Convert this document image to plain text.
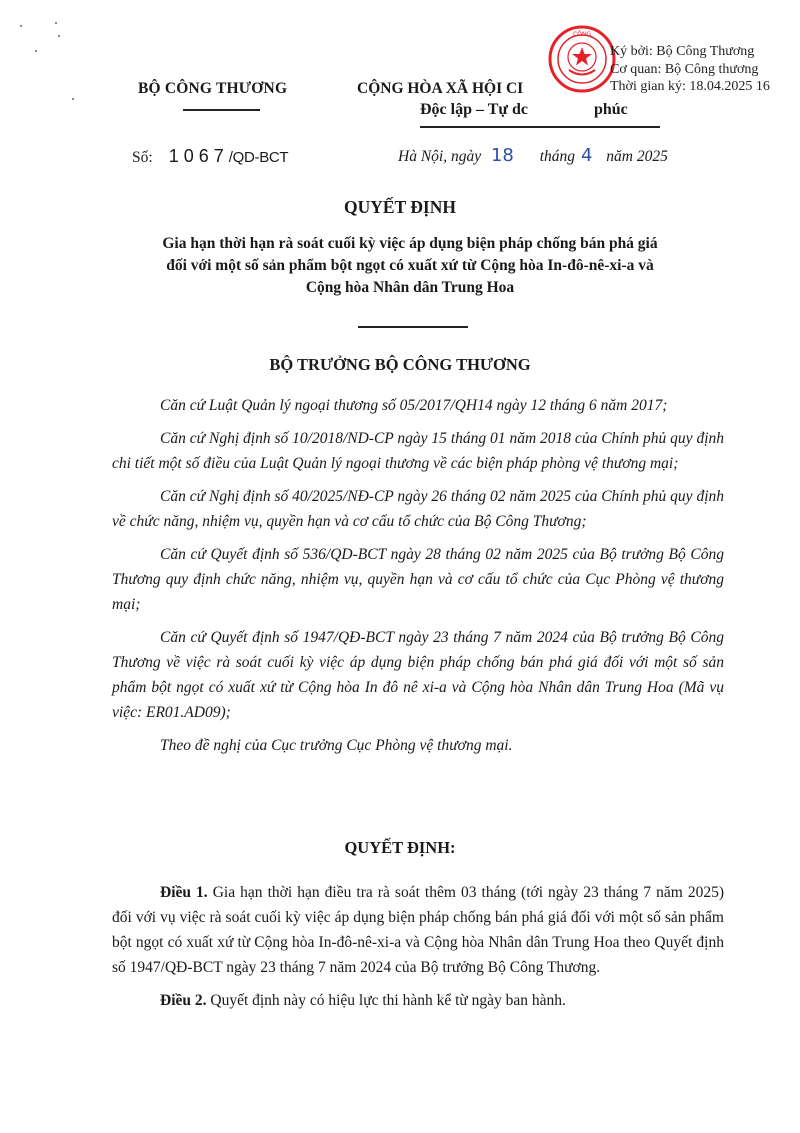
BỘ CÔNG THƯƠNG
Số: 1067/QD-BCT
CỘNG HÒA XÃ HỘI CI
Độc lập – Tự dc	phúc
Hà Nội, ngày 18 tháng 4 năm 2025
CÔNG
Ký bởi: Bộ Công Thương
Cơ quan: Bộ Công thương
Thời gian ký: 18.04.2025 16
QUYẾT ĐỊNH
Gia hạn thời hạn rà soát cuối kỳ việc áp dụng biện pháp chống bán phá giá
đối với một số sản phẩm bột ngọt có xuất xứ từ Cộng hòa In-đô-nê-xi-a và
Cộng hòa Nhân dân Trung Hoa
BỘ TRƯỞNG BỘ CÔNG THƯƠNG

Căn cứ Luật Quản lý ngoại thương số 05/2017/QH14 ngày 12 tháng 6 năm 2017;

Căn cứ Nghị định số 10/2018/ND-CP ngày 15 tháng 01 năm 2018 của Chính phủ quy định chi tiết một số điều của Luật Quản lý ngoại thương về các biện pháp phòng vệ thương mại;

Căn cứ Nghị định số 40/2025/NĐ-CP ngày 26 tháng 02 năm 2025 của Chính phủ quy định về chức năng, nhiệm vụ, quyền hạn và cơ cấu tổ chức của Bộ Công Thương;

Căn cứ Quyết định số 536/QD-BCT ngày 28 tháng 02 năm 2025 của Bộ trưởng Bộ Công Thương quy định chức năng, nhiệm vụ, quyền hạn và cơ cấu tổ chức của Cục Phòng vệ thương mại;

Căn cứ Quyết định số 1947/QĐ-BCT ngày 23 tháng 7 năm 2024 của Bộ trưởng Bộ Công Thương về việc rà soát cuối kỳ việc áp dụng biện pháp chống bán phá giá đối với một số sản phẩm bột ngọt có xuất xứ từ Cộng hòa In đô nê xi-a và Cộng hòa Nhân dân Trung Hoa (Mã vụ việc: ER01.AD09);

Theo đề nghị của Cục trưởng Cục Phòng vệ thương mại.

QUYẾT ĐỊNH:

Điều 1. Gia hạn thời hạn điều tra rà soát thêm 03 tháng (tới ngày 23 tháng 7 năm 2025) đối với vụ việc rà soát cuối kỳ việc áp dụng biện pháp chống bán phá giá đối với một số sản phẩm bột ngọt có xuất xứ từ Cộng hòa In-đô-nê-xi-a và Cộng hòa Nhân dân Trung Hoa theo Quyết định số 1947/QĐ-BCT ngày 23 tháng 7 năm 2024 của Bộ trưởng Bộ Công Thương.

Điều 2. Quyết định này có hiệu lực thi hành kể từ ngày ban hành.
